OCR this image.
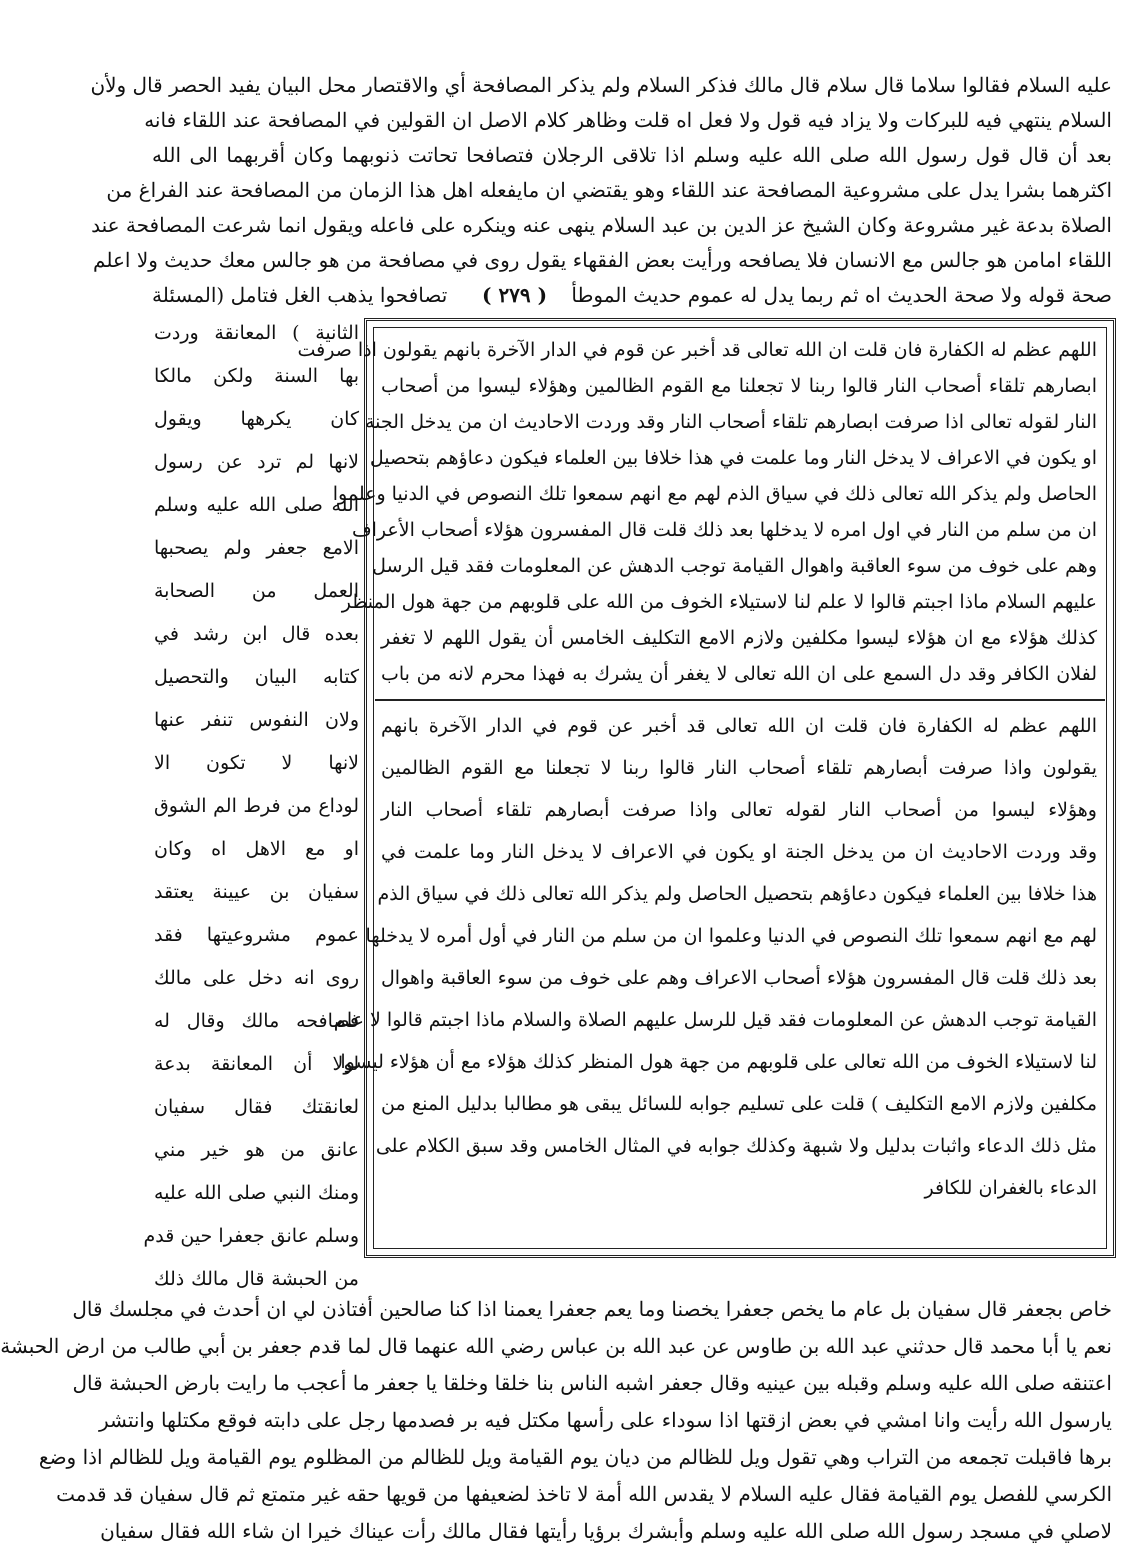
عليه السلام فقالوا سلاما قال سلام قال مالك فذكر السلام ولم يذكر المصافحة أي والاقتصار محل البيان يفيد الحصر قال ولأن
السلام ينتهي فيه للبركات ولا يزاد فيه قول ولا فعل اه قلت وظاهر كلام الاصل ان القولين في المصافحة عند اللقاء فانه
بعد أن قال قول رسول الله صلى الله عليه وسلم اذا تلاقى الرجلان فتصافحا تحاتت ذنوبهما وكان أقربهما الى الله
اكثرهما بشرا يدل على مشروعية المصافحة عند اللقاء وهو يقتضي ان مايفعله اهل هذا الزمان من المصافحة عند الفراغ من
الصلاة بدعة غير مشروعة وكان الشيخ عز الدين بن عبد السلام ينهى عنه وينكره على فاعله ويقول انما شرعت المصافحة عند
اللقاء امامن هو جالس مع الانسان فلا يصافحه ورأيت بعض الفقهاء يقول روى في مصافحة من هو جالس معك حديث ولا اعلم
صحة قوله ولا صحة الحديث اه ثم ربما يدل له عموم حديث الموطأ
( ٢٧٩ )
تصافحوا يذهب الغل فتامل (المسئلة
الثانية ) المعانقة وردت
بها السنة ولكن مالكا
كان يكرهها ويقول
لانها لم ترد عن رسول
الله صلى الله عليه وسلم
الامع جعفر ولم يصحبها
العمل من الصحابة
بعده قال ابن رشد في
كتابه البيان والتحصيل
ولان النفوس تنفر عنها
لانها لا تكون الا
لوداع من فرط الم الشوق
او مع الاهل اه وكان
سفيان بن عيينة يعتقد
عموم مشروعيتها فقد
روى انه دخل على مالك
فصافحه مالك وقال له
لولا أن المعانقة بدعة
لعانقتك فقال سفيان
عانق من هو خير مني
ومنك النبي صلى الله عليه
وسلم عانق جعفرا حين قدم
من الحبشة قال مالك ذلك
اللهم عظم له الكفارة فان قلت ان الله تعالى قد أخبر عن قوم في الدار الآخرة بانهم يقولون اذا صرفت
ابصارهم تلقاء أصحاب النار قالوا ربنا لا تجعلنا مع القوم الظالمين وهؤلاء ليسوا من أصحاب
النار لقوله تعالى اذا صرفت ابصارهم تلقاء أصحاب النار وقد وردت الاحاديث ان من يدخل الجنة
او يكون في الاعراف لا يدخل النار وما علمت في هذا خلافا بين العلماء فيكون دعاؤهم بتحصيل
الحاصل ولم يذكر الله تعالى ذلك في سياق الذم لهم مع انهم سمعوا تلك النصوص في الدنيا وعلموا
ان من سلم من النار في اول امره لا يدخلها بعد ذلك قلت قال المفسرون هؤلاء أصحاب الأعراف
وهم على خوف من سوء العاقبة واهوال القيامة توجب الدهش عن المعلومات فقد قيل الرسل
عليهم السلام ماذا اجبتم قالوا لا علم لنا لاستيلاء الخوف من الله على قلوبهم من جهة هول المنظر
كذلك هؤلاء مع ان هؤلاء ليسوا مكلفين ولازم الامع التكليف الخامس أن يقول اللهم لا تغفر
لفلان الكافر وقد دل السمع على ان الله تعالى لا يغفر أن يشرك به فهذا محرم لانه من باب
اللهم عظم له الكفارة فان قلت ان الله تعالى قد أخبر عن قوم في الدار الآخرة بانهم
يقولون واذا صرفت أبصارهم تلقاء أصحاب النار قالوا ربنا لا تجعلنا مع القوم الظالمين
وهؤلاء ليسوا من أصحاب النار لقوله تعالى واذا صرفت أبصارهم تلقاء أصحاب النار
وقد وردت الاحاديث ان من يدخل الجنة او يكون في الاعراف لا يدخل النار وما علمت في
هذا خلافا بين العلماء فيكون دعاؤهم بتحصيل الحاصل ولم يذكر الله تعالى ذلك في سياق الذم
لهم مع انهم سمعوا تلك النصوص في الدنيا وعلموا ان من سلم من النار في أول أمره لا يدخلها
بعد ذلك قلت قال المفسرون هؤلاء أصحاب الاعراف وهم على خوف من سوء العاقبة واهوال
القيامة توجب الدهش عن المعلومات فقد قيل للرسل عليهم الصلاة والسلام ماذا اجبتم قالوا لا علم
لنا لاستيلاء الخوف من الله تعالى على قلوبهم من جهة هول المنظر كذلك هؤلاء مع أن هؤلاء ليسوا
مكلفين ولازم الامع التكليف ) قلت على تسليم جوابه للسائل يبقى هو مطالبا بدليل المنع من
مثل ذلك الدعاء واثبات بدليل ولا شبهة وكذلك جوابه في المثال الخامس وقد سبق الكلام على
الدعاء بالغفران للكافر
خاص بجعفر قال سفيان بل عام ما يخص جعفرا يخصنا وما يعم جعفرا يعمنا اذا كنا صالحين أفتاذن لي ان أحدث في مجلسك قال
نعم يا أبا محمد قال حدثني عبد الله بن طاوس عن عبد الله بن عباس رضي الله عنهما قال لما قدم جعفر بن أبي طالب من ارض الحبشة
اعتنقه صلى الله عليه وسلم وقبله بين عينيه وقال جعفر اشبه الناس بنا خلقا وخلقا يا جعفر ما أعجب ما رايت بارض الحبشة قال
يارسول الله رأيت وانا امشي في بعض ازقتها اذا سوداء على رأسها مكتل فيه بر فصدمها رجل على دابته فوقع مكتلها وانتشر
برها فاقبلت تجمعه من التراب وهي تقول ويل للظالم من ديان يوم القيامة ويل للظالم من المظلوم يوم القيامة ويل للظالم اذا وضع
الكرسي للفصل يوم القيامة فقال عليه السلام لا يقدس الله أمة لا تاخذ لضعيفها من قويها حقه غير متمتع ثم قال سفيان قد قدمت
لاصلي في مسجد رسول الله صلى الله عليه وسلم وأبشرك برؤيا رأيتها فقال مالك رأت عيناك خيرا ان شاء الله فقال سفيان
